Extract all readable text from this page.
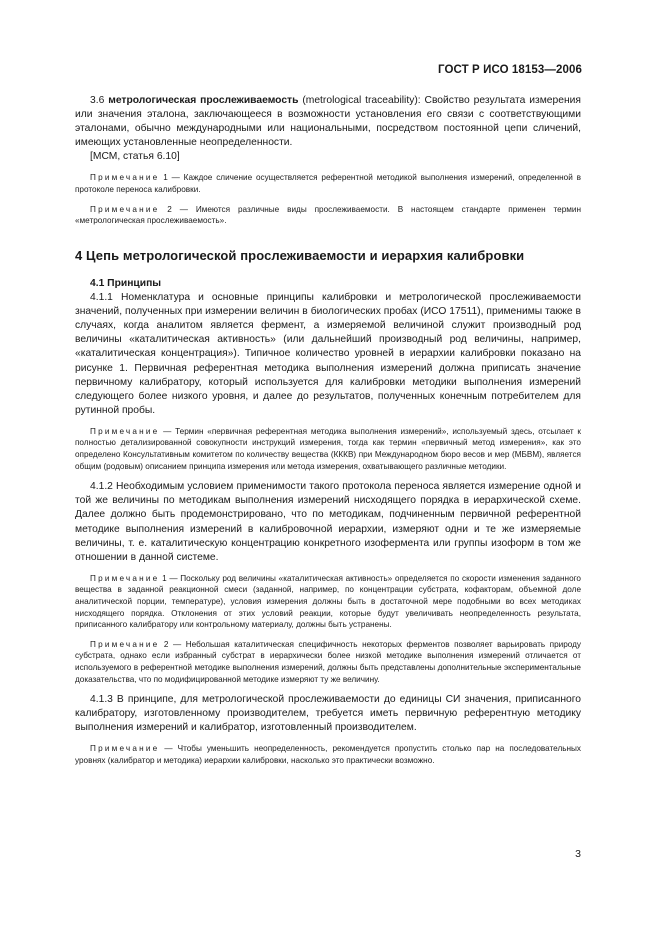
ГОСТ Р ИСО 18153—2006

3.6 метрологическая прослеживаемость (metrological traceability): Свойство результата измерения или значения эталона, заключающееся в возможности установления его связи с соответствующими эталонами, обычно международными или национальными, посредством постоянной цепи сличений, имеющих установленные неопределенности.

[МСМ, статья 6.10]

Примечание 1 — Каждое сличение осуществляется референтной методикой выполнения измерений, определенной в протоколе переноса калибровки.

Примечание 2 — Имеются различные виды прослеживаемости. В настоящем стандарте применен термин «метрологическая прослеживаемость».

4 Цепь метрологической прослеживаемости и иерархия калибровки

4.1 Принципы

4.1.1 Номенклатура и основные принципы калибровки и метрологической прослеживаемости значений, полученных при измерении величин в биологических пробах (ИСО 17511), применимы также в случаях, когда аналитом является фермент, а измеряемой величиной служит производный род величины «каталитическая активность» (или дальнейший производный род величины, например, «каталитическая концентрация»). Типичное количество уровней в иерархии калибровки показано на рисунке 1. Первичная референтная методика выполнения измерений должна приписать значение первичному калибратору, который используется для калибровки методики выполнения измерений следующего более низкого уровня, и далее до результатов, полученных конечным потребителем для рутинной пробы.

Примечание — Термин «первичная референтная методика выполнения измерений», используемый здесь, отсылает к полностью детализированной совокупности инструкций измерения, тогда как термин «первичный метод измерения», как это определено Консультативным комитетом по количеству вещества (КККВ) при Международном бюро весов и мер (МБВМ), является общим (родовым) описанием принципа измерения или метода измерения, охватывающего различные методики.

4.1.2 Необходимым условием применимости такого протокола переноса является измерение одной и той же величины по методикам выполнения измерений нисходящего порядка в иерархической схеме. Далее должно быть продемонстрировано, что по методикам, подчиненным первичной референтной методике выполнения измерений в калибровочной иерархии, измеряют одни и те же измеряемые величины, т. е. каталитическую концентрацию конкретного изофермента или группы изоформ в том же отношении в данной системе.

Примечание 1 — Поскольку род величины «каталитическая активность» определяется по скорости изменения заданного вещества в заданной реакционной смеси (заданной, например, по концентрации субстрата, кофакторам, объемной доле аналитической порции, температуре), условия измерения должны быть в достаточной мере подобными во всех методиках нисходящего порядка. Отклонения от этих условий реакции, которые будут увеличивать неопределенность результата, приписанного калибратору или контрольному материалу, должны быть устранены.

Примечание 2 — Небольшая каталитическая специфичность некоторых ферментов позволяет варьировать природу субстрата, однако если избранный субстрат в иерархически более низкой методике выполнения измерений отличается от используемого в референтной методике выполнения измерений, должны быть представлены дополнительные экспериментальные доказательства, что по модифицированной методике измеряют ту же величину.

4.1.3 В принципе, для метрологической прослеживаемости до единицы СИ значения, приписанного калибратору, изготовленному производителем, требуется иметь первичную референтную методику выполнения измерений и калибратор, изготовленный производителем.

Примечание — Чтобы уменьшить неопределенность, рекомендуется пропустить столько пар на последовательных уровнях (калибратор и методика) иерархии калибровки, насколько это практически возможно.

3
